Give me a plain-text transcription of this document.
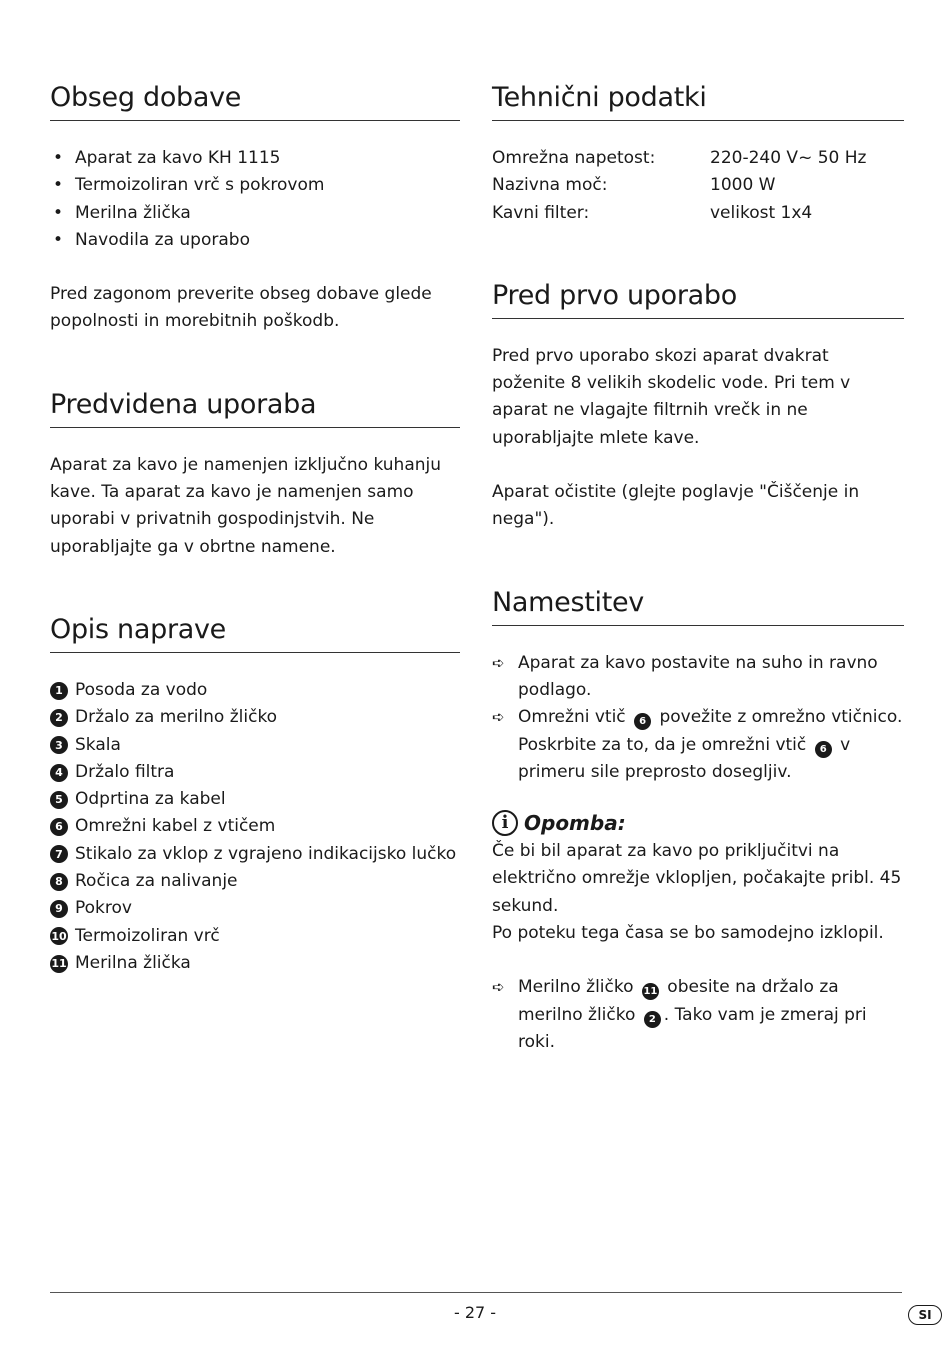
Obseg dobave
• Aparat za kavo KH 1115
• Termoizoliran vrč s pokrovom
• Merilna žlička
• Navodila za uporabo

Pred zagonom preverite obseg dobave glede popolnosti in morebitnih poškodb.

Predvidena uporaba

Aparat za kavo je namenjen izključno kuhanju kave. Ta aparat za kavo je namenjen samo uporabi v privatnih gospodinjstvih. Ne uporabljajte ga v obrtne namene.

Opis naprave
1 Posoda za vodo
2 Držalo za merilno žličko
3 Skala
4 Držalo filtra
5 Odprtina za kabel
6 Omrežni kabel z vtičem
7 Stikalo za vklop z vgrajeno indikacijsko lučko
8 Ročica za nalivanje
9 Pokrov
10 Termoizoliran vrč
11 Merilna žlička
Tehnični podatki
Omrežna napetost:	220-240 V~ 50 Hz
Nazivna moč:	1000 W
Kavni filter:	velikost 1x4
Pred prvo uporabo

Pred prvo uporabo skozi aparat dvakrat poženite 8 velikih skodelic vode. Pri tem v aparat ne vlagajte filtrnih vrečk in ne uporabljajte mlete kave.

Aparat očistite (glejte poglavje "Čiščenje in nega").

Namestitev
➪ Aparat za kavo postavite na suho in ravno podlago.
➪ Omrežni vtič 6 povežite z omrežno vtičnico. Poskrbite za to, da je omrežni vtič 6 v primeru sile preprosto dosegljiv.
i Opomba:

Če bi bil aparat za kavo po priključitvi na električno omrežje vklopljen, počakajte pribl. 45 sekund.

Po poteku tega časa se bo samodejno izklopil.

➪ Merilno žličko 11 obesite na držalo za merilno žličko 2 . Tako vam je zmeraj pri roki.
- 27 -	SI
